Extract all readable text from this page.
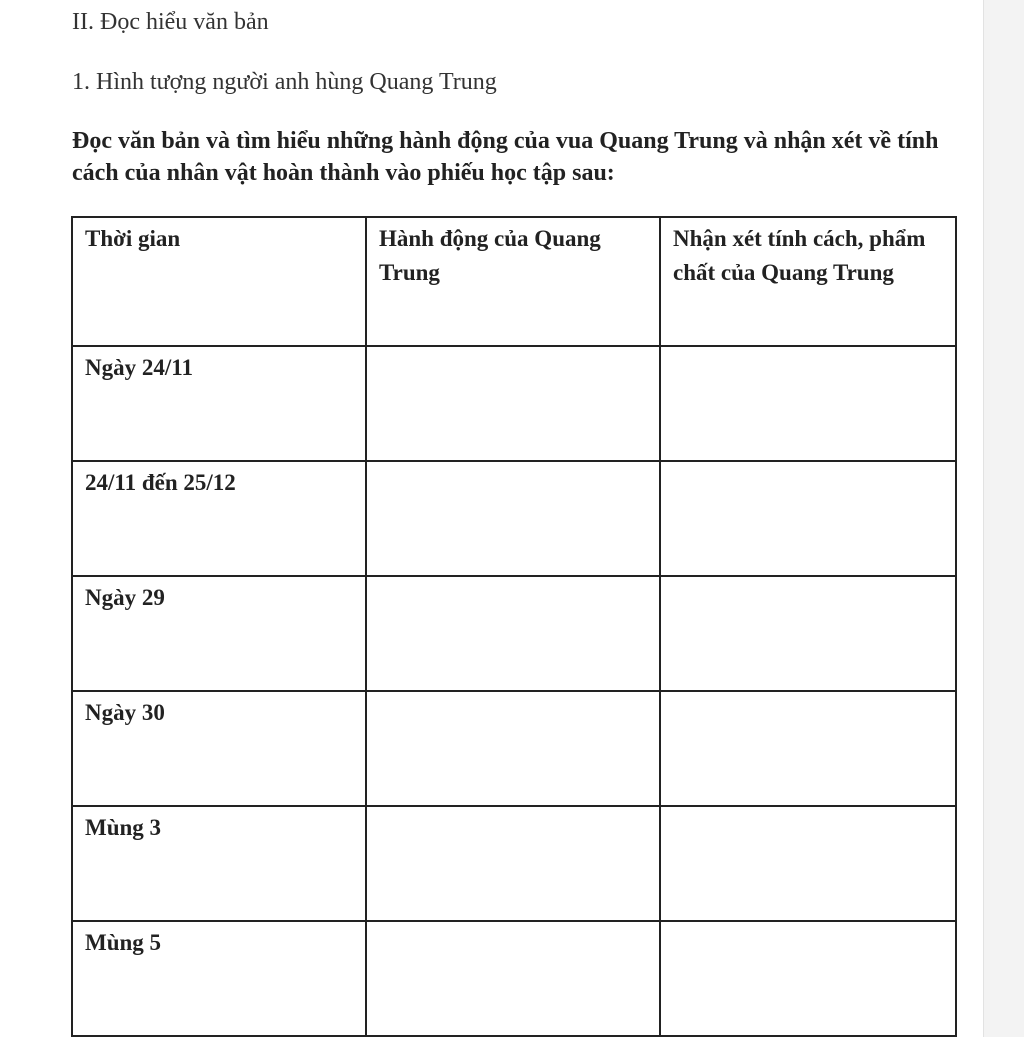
II. Đọc hiểu văn bản
1. Hình tượng người anh hùng Quang Trung

Đọc văn bản và tìm hiểu những hành động của vua Quang Trung và nhận xét về tính cách của nhân vật hoàn thành vào phiếu học tập sau:

Thời gian	Hành động của Quang Trung	Nhận xét tính cách, phẩm chất của Quang Trung
Ngày 24/11		
24/11 đến 25/12		
Ngày 29		
Ngày 30		
Mùng 3		
Mùng 5		
